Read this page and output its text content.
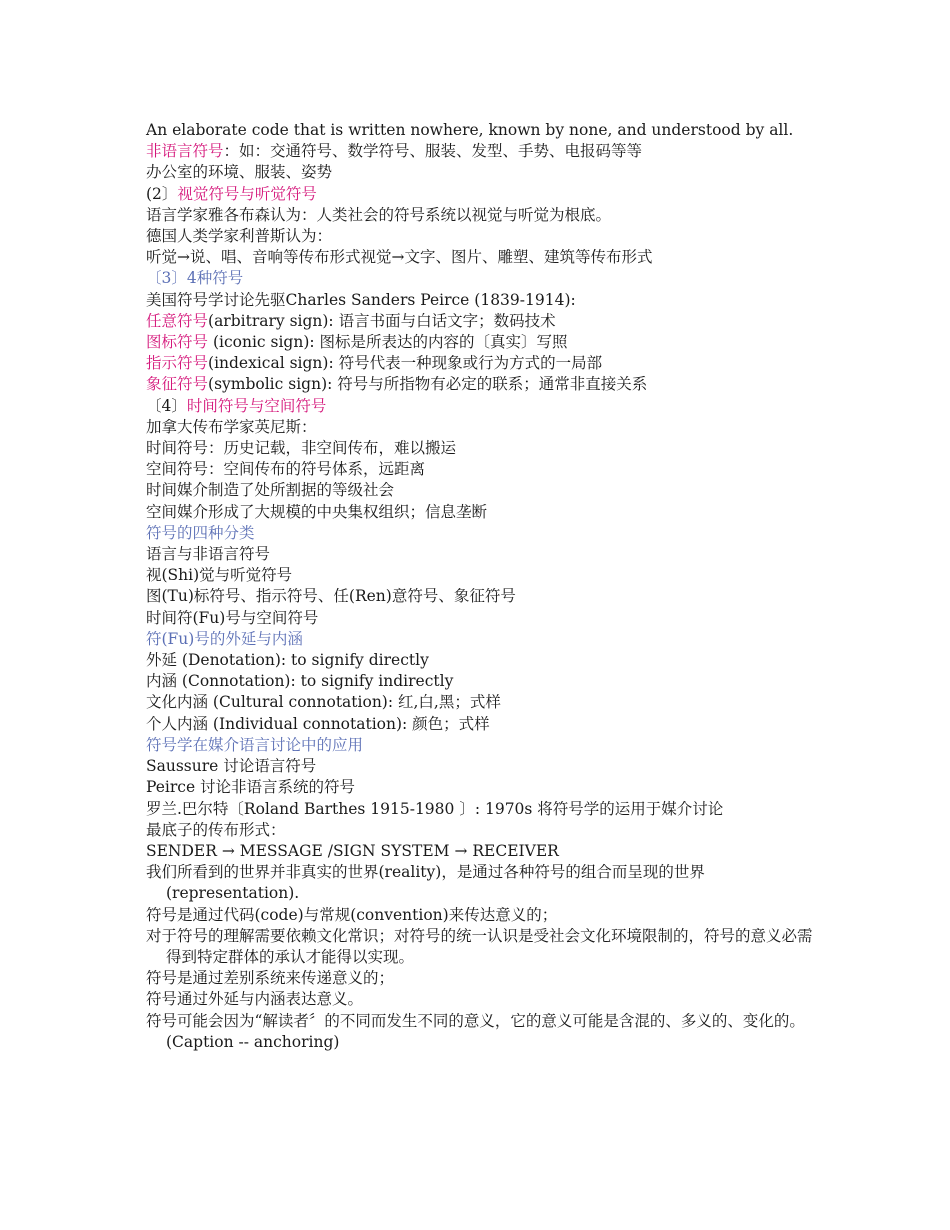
An elaborate code that is written nowhere, known by none, and understood by all.

非语言符号：如：交通符号、数学符号、服装、发型、手势、电报码等等

办公室的环境、服装、姿势

(2〕视觉符号与听觉符号

语言学家雅各布森认为：人类社会的符号系统以视觉与听觉为根底。

德国人类学家利普斯认为：

听觉→说、唱、音响等传布形式视觉→文字、图片、雕塑、建筑等传布形式

〔3〕4种符号

美国符号学讨论先驱Charles Sanders Peirce (1839-1914):

任意符号(arbitrary sign): 语言书面与白话文字；数码技术

图标符号 (iconic sign): 图标是所表达的内容的〔真实〕写照

指示符号(indexical sign): 符号代表一种现象或行为方式的一局部

象征符号(symbolic sign): 符号与所指物有必定的联系；通常非直接关系

〔4〕时间符号与空间符号

加拿大传布学家英尼斯：

时间符号：历史记载，非空间传布，难以搬运

空间符号：空间传布的符号体系，远距离

时间媒介制造了处所割据的等级社会

空间媒介形成了大规模的中央集权组织；信息垄断

符号的四种分类

语言与非语言符号

视(Shi)觉与听觉符号

图(Tu)标符号、指示符号、任(Ren)意符号、象征符号

时间符(Fu)号与空间符号

符(Fu)号的外延与内涵

外延 (Denotation): to signify directly

内涵 (Connotation): to signify indirectly

文化内涵 (Cultural connotation): 红,白,黑；式样

个人内涵 (Individual connotation): 颜色；式样

符号学在媒介语言讨论中的应用

Saussure 讨论语言符号

Peirce 讨论非语言系统的符号

罗兰.巴尔特〔Roland Barthes 1915-1980 〕: 1970s 将符号学的运用于媒介讨论

最底子的传布形式：

SENDER → MESSAGE /SIGN SYSTEM → RECEIVER

我们所看到的世界并非真实的世界(reality)，是通过各种符号的组合而呈现的世界(representation).

符号是通过代码(code)与常规(convention)来传达意义的；

对于符号的理解需要依赖文化常识；对符号的统一认识是受社会文化环境限制的，符号的意义必需得到特定群体的承认才能得以实现。

符号是通过差别系统来传递意义的；

符号通过外延与内涵表达意义。

符号可能会因为“解读者〞的不同而发生不同的意义，它的意义可能是含混的、多义的、变化的。(Caption -- anchoring)
